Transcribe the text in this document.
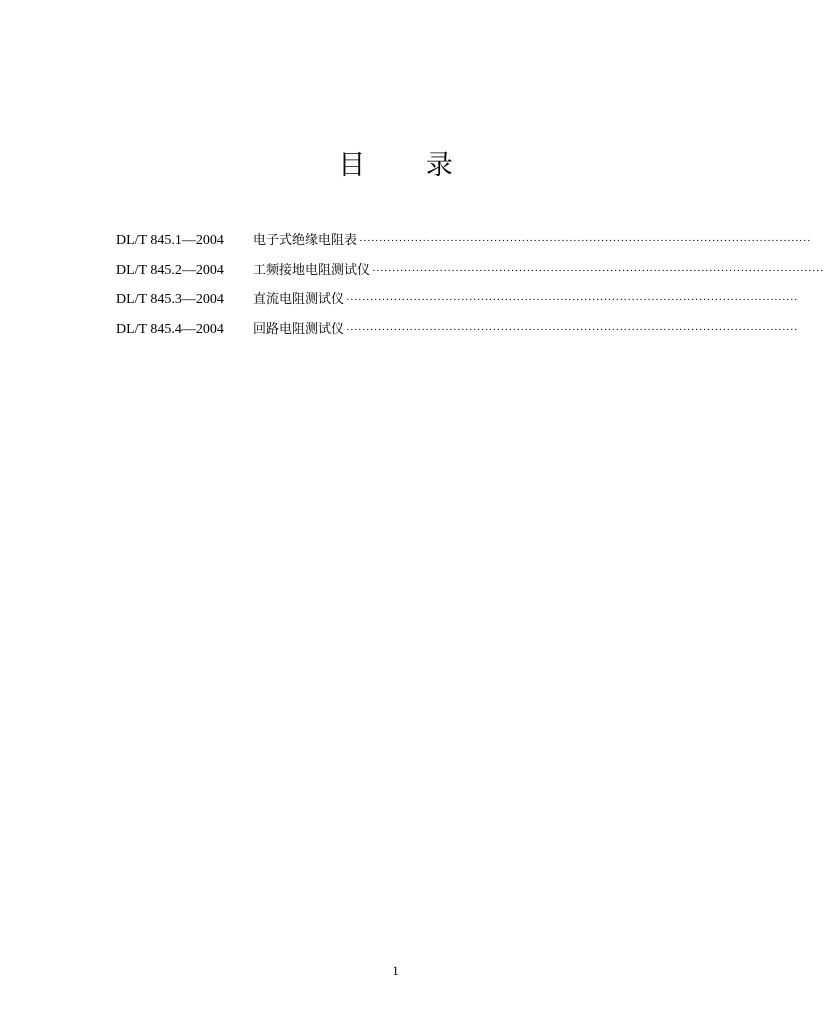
目 录
DL/T 845.1—2004	电子式绝缘电阻表 ··················································································································
DL/T 845.2—2004	工频接地电阻测试仪 ··················································································································
DL/T 845.3—2004	直流电阻测试仪 ··················································································································
DL/T 845.4—2004	回路电阻测试仪 ··················································································································
1
